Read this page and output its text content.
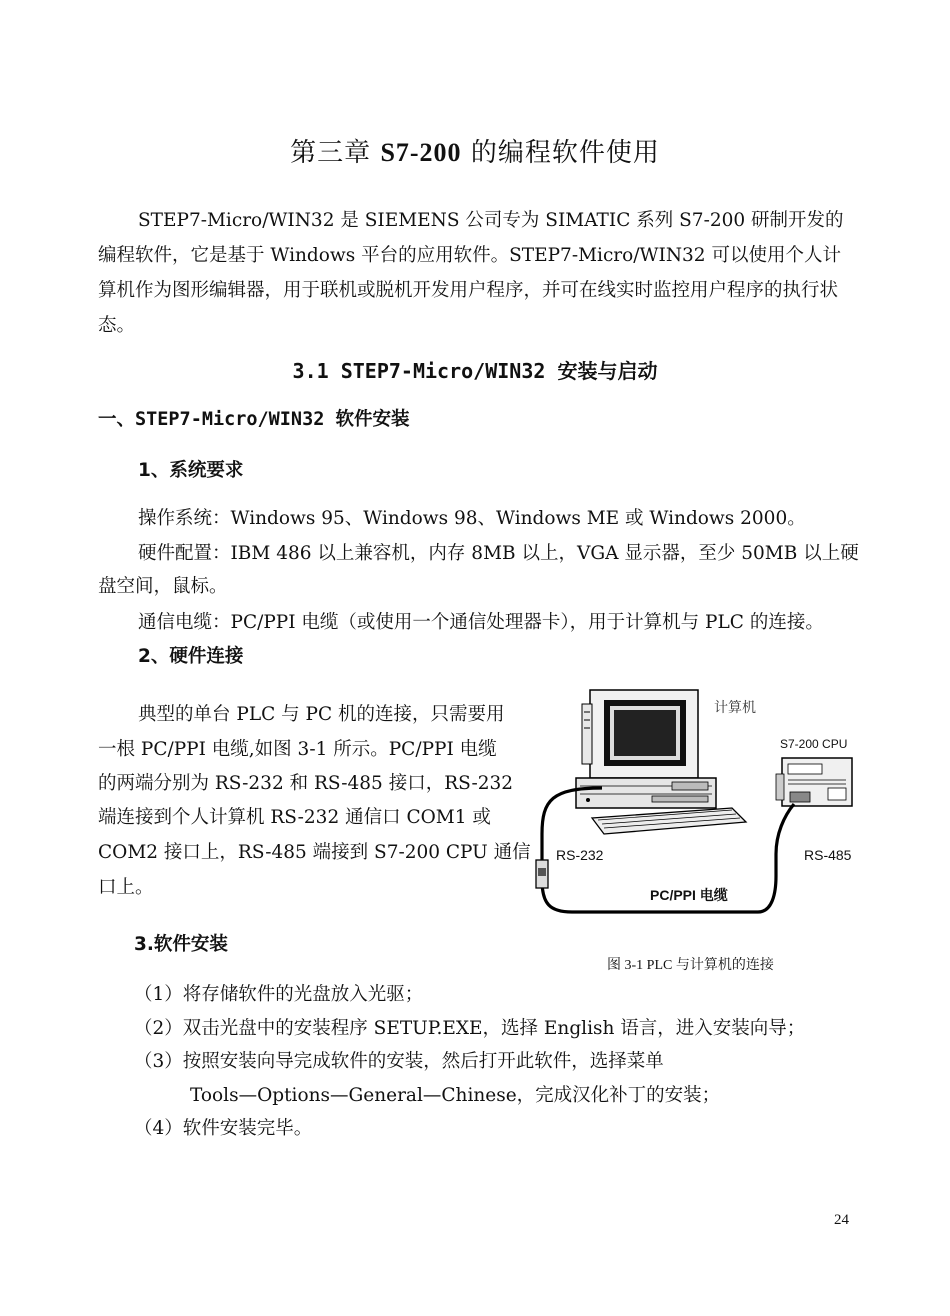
第三章 S7-200 的编程软件使用
STEP7-Micro/WIN32 是 SIEMENS 公司专为 SIMATIC 系列 S7-200 研制开发的编程软件，它是基于 Windows 平台的应用软件。STEP7-Micro/WIN32 可以使用个人计算机作为图形编辑器，用于联机或脱机开发用户程序，并可在线实时监控用户程序的执行状态。
3.1 STEP7-Micro/WIN32 安装与启动
一、STEP7-Micro/WIN32 软件安装
1、系统要求
操作系统：Windows 95、Windows 98、Windows ME 或 Windows 2000。
硬件配置：IBM 486 以上兼容机，内存 8MB 以上，VGA 显示器，至少 50MB 以上硬
盘空间，鼠标。
通信电缆：PC/PPI 电缆（或使用一个通信处理器卡），用于计算机与 PLC 的连接。
2、硬件连接
典型的单台 PLC 与 PC 机的连接，只需要用
一根 PC/PPI 电缆,如图 3-1 所示。PC/PPI 电缆
的两端分别为 RS-232 和 RS-485 接口，RS-232
端连接到个人计算机 RS-232 通信口 COM1 或
COM2 接口上，RS-485 端接到 S7-200 CPU 通信
口上。
计算机
S7-200 CPU
RS-232	RS-485
PC/PPI 电缆
图 3-1 PLC 与计算机的连接
3.软件安装
（1）将存储软件的光盘放入光驱；
（2）双击光盘中的安装程序 SETUP.EXE，选择 English 语言，进入安装向导；
（3）按照安装向导完成软件的安装，然后打开此软件，选择菜单
Tools—Options—General—Chinese，完成汉化补丁的安装；
（4）软件安装完毕。
24
